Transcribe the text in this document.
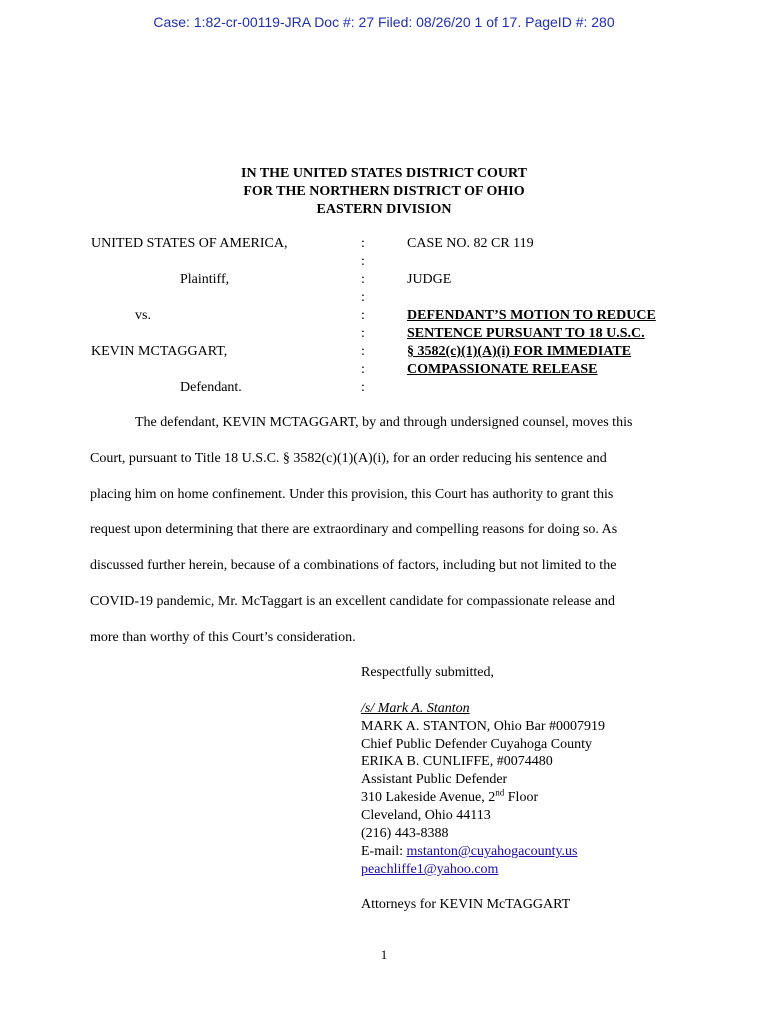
Case: 1:82-cr-00119-JRA Doc #: 27 Filed: 08/26/20 1 of 17. PageID #: 280
IN THE UNITED STATES DISTRICT COURT
FOR THE NORTHERN DISTRICT OF OHIO
EASTERN DIVISION
UNITED STATES OF AMERICA,
Plaintiff,
vs.
KEVIN MCTAGGART,
Defendant.
:
:
:
:
:
:
:
:
:
CASE NO. 82 CR 119
JUDGE
DEFENDANT’S MOTION TO REDUCE
SENTENCE PURSUANT TO 18 U.S.C.
§ 3582(c)(1)(A)(i) FOR IMMEDIATE
COMPASSIONATE RELEASE
The defendant, KEVIN MCTAGGART, by and through undersigned counsel, moves this
Court, pursuant to Title 18 U.S.C. § 3582(c)(1)(A)(i), for an order reducing his sentence and
placing him on home confinement. Under this provision, this Court has authority to grant this
request upon determining that there are extraordinary and compelling reasons for doing so. As
discussed further herein, because of a combinations of factors, including but not limited to the
COVID-19 pandemic, Mr. McTaggart is an excellent candidate for compassionate release and
more than worthy of this Court’s consideration.
Respectfully submitted,
/s/ Mark A. Stanton
MARK A. STANTON, Ohio Bar #0007919
Chief Public Defender Cuyahoga County
ERIKA B. CUNLIFFE, #0074480
Assistant Public Defender
310 Lakeside Avenue, 2nd Floor
Cleveland, Ohio 44113
(216) 443-8388
E-mail: mstanton@cuyahogacounty.us
peachliffe1@yahoo.com
Attorneys for KEVIN McTAGGART
1
